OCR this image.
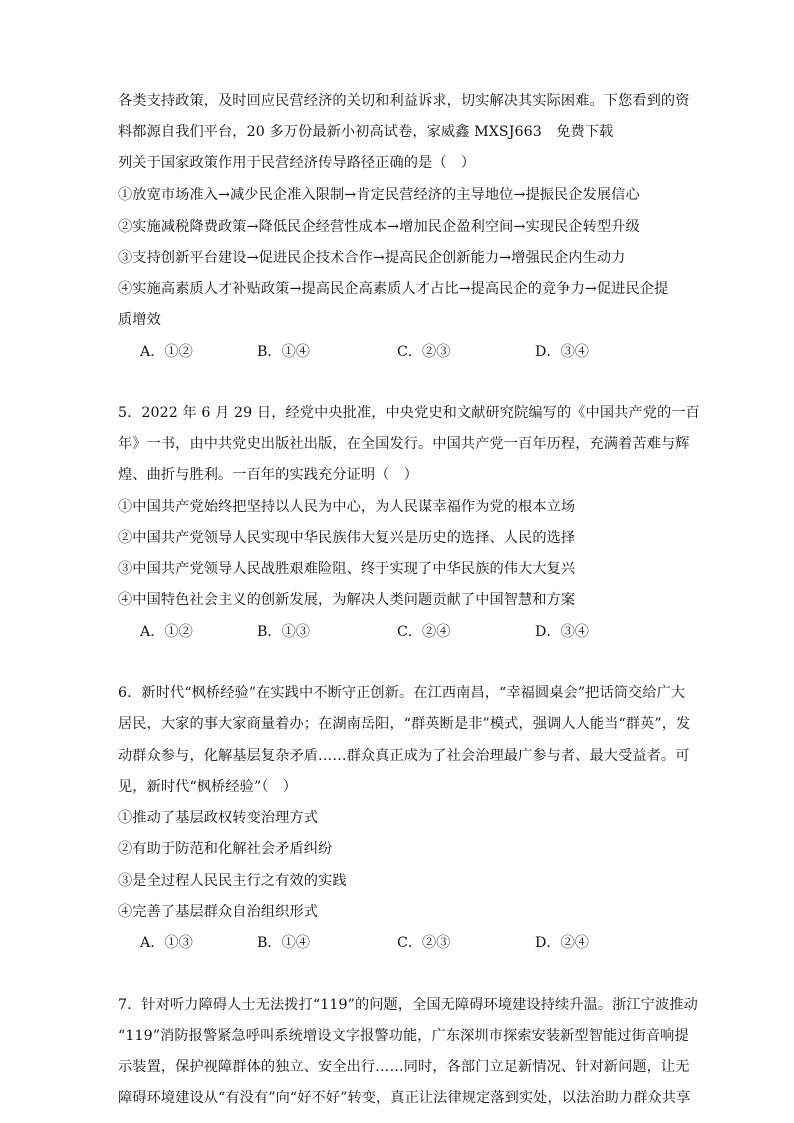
各类支持政策，及时回应民营经济的关切和利益诉求，切实解决其实际困难。下您看到的资
料都源自我们平台，20 多万份最新小初高试卷，家威鑫 MXSJ663　免费下载
列关于国家政策作用于民营经济传导路径正确的是（　）
①放宽市场准入→减少民企准入限制→肯定民营经济的主导地位→提振民企发展信心
②实施减税降费政策→降低民企经营性成本→增加民企盈利空间→实现民企转型升级
③支持创新平台建设→促进民企技术合作→提高民企创新能力→增强民企内生动力
④实施高素质人才补贴政策→提高民企高素质人才占比→提高民企的竞争力→促进民企提
质增效
5．2022 年 6 月 29 日，经党中央批准，中央党史和文献研究院编写的《中国共产党的一百
年》一书，由中共党史出版社出版，在全国发行。中国共产党一百年历程，充满着苦难与辉
煌、曲折与胜利。一百年的实践充分证明（　）
①中国共产党始终把坚持以人民为中心，为人民谋幸福作为党的根本立场
②中国共产党领导人民实现中华民族伟大复兴是历史的选择、人民的选择
③中国共产党领导人民战胜艰难险阻、终于实现了中华民族的伟大大复兴
④中国特色社会主义的创新发展，为解决人类问题贡献了中国智慧和方案
6．新时代“枫桥经验”在实践中不断守正创新。在江西南昌，“幸福圆桌会”把话筒交给广大
居民，大家的事大家商量着办；在湖南岳阳，“群英断是非”模式，强调人人能当“群英”，发
动群众参与，化解基层复杂矛盾……群众真正成为了社会治理最广参与者、最大受益者。可
见，新时代“枫桥经验”（　）
①推动了基层政权转变治理方式
②有助于防范和化解社会矛盾纠纷
③是全过程人民民主行之有效的实践
④完善了基层群众自治组织形式
7．针对听力障碍人士无法拨打“119”的问题，全国无障碍环境建设持续升温。浙江宁波推动
“119”消防报警紧急呼叫系统增设文字报警功能，广东深圳市探索安装新型智能过街音响提
示装置，保护视障群体的独立、安全出行……同时，各部门立足新情况、针对新问题，让无
障碍环境建设从“有没有”向“好不好”转变，真正让法律规定落到实处，以法治助力群众共享
A．①②	B．①④	C．②③	D．③④
A．①②	B．①③	C．②④	D．③④
A．①③	B．①④	C．②③	D．②④
